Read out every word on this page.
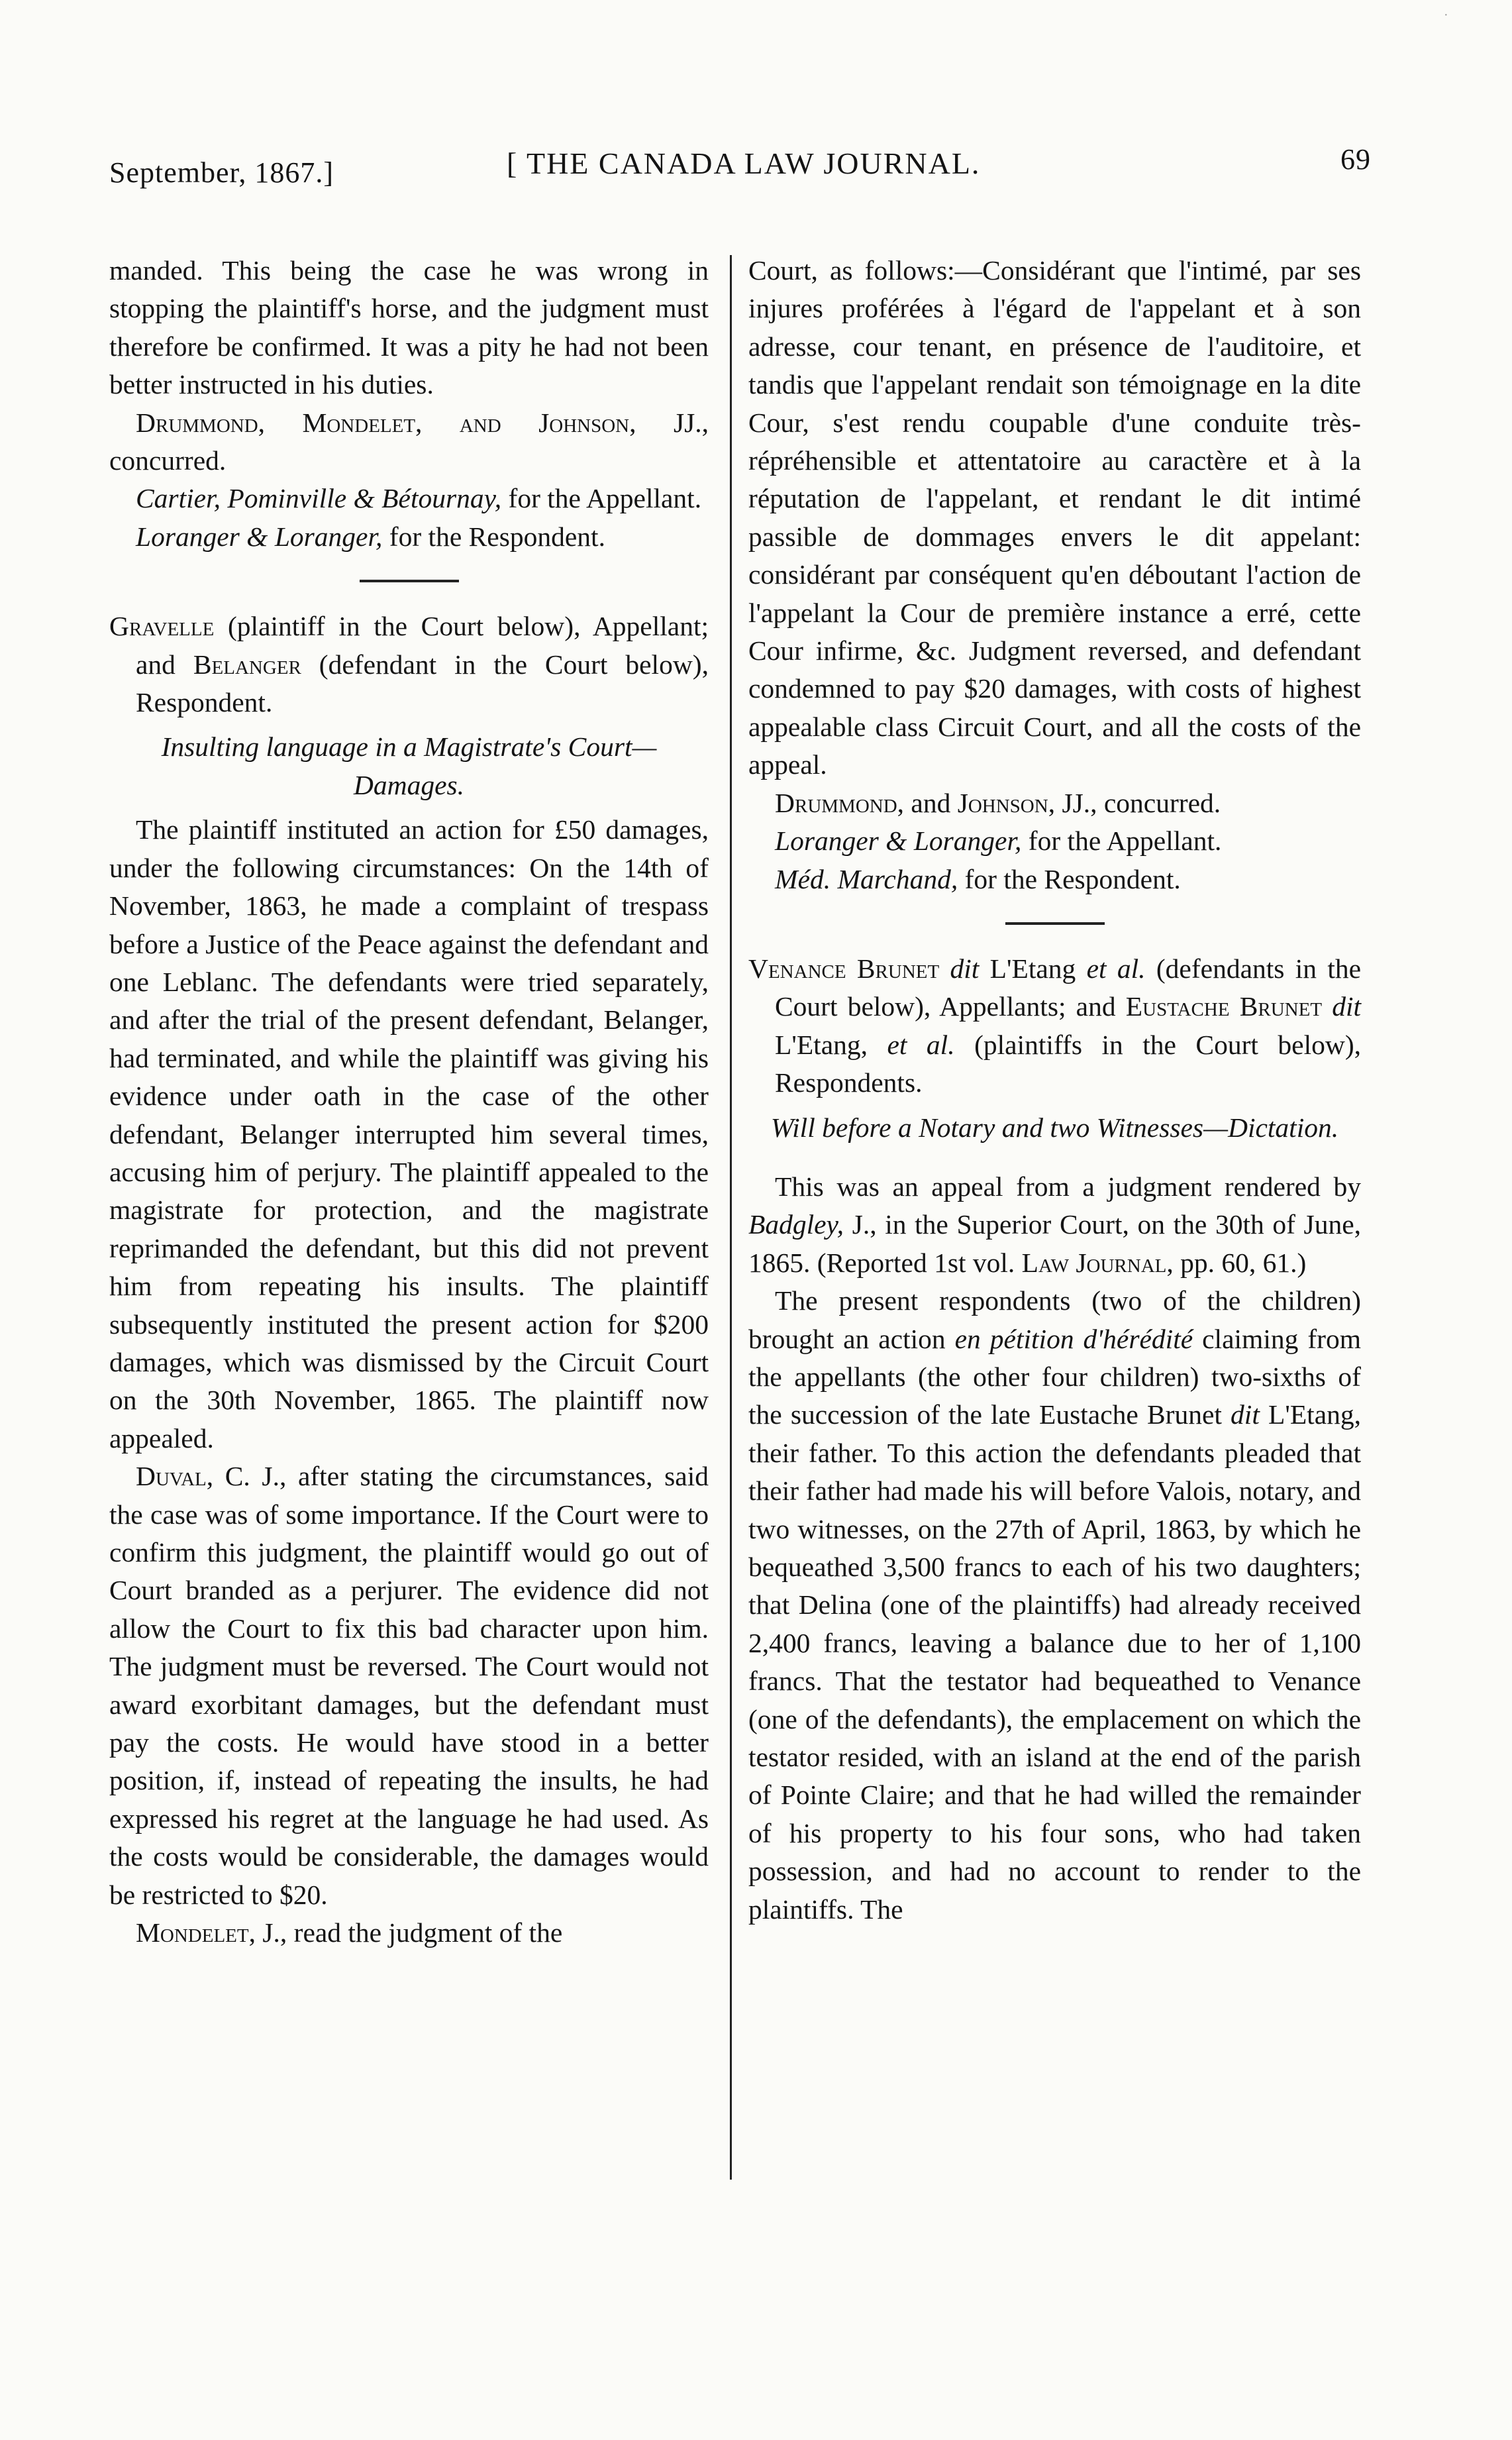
·
September, 1867.]	[ THE CANADA LAW JOURNAL.	69

manded. This being the case he was wrong in stopping the plaintiff's horse, and the judgment must therefore be confirmed. It was a pity he had not been better instructed in his duties.

Drummond, Mondelet, and Johnson, JJ., concurred.

Cartier, Pominville & Bétournay, for the Appellant.

Loranger & Loranger, for the Respondent.

Gravelle (plaintiff in the Court below), Appellant; and Belanger (defendant in the Court below), Respondent.

Insulting language in a Magistrate's Court—Damages.

The plaintiff instituted an action for £50 damages, under the following circumstances: On the 14th of November, 1863, he made a complaint of trespass before a Justice of the Peace against the defendant and one Leblanc. The defendants were tried separately, and after the trial of the present defendant, Belanger, had terminated, and while the plaintiff was giving his evidence under oath in the case of the other defendant, Belanger interrupted him several times, accusing him of perjury. The plaintiff appealed to the magistrate for protection, and the magistrate reprimanded the defendant, but this did not prevent him from repeating his insults. The plaintiff subsequently instituted the present action for $200 damages, which was dismissed by the Circuit Court on the 30th November, 1865. The plaintiff now appealed.

Duval, C. J., after stating the circumstances, said the case was of some importance. If the Court were to confirm this judgment, the plaintiff would go out of Court branded as a perjurer. The evidence did not allow the Court to fix this bad character upon him. The judgment must be reversed. The Court would not award exorbitant damages, but the defendant must pay the costs. He would have stood in a better position, if, instead of repeating the insults, he had expressed his regret at the language he had used. As the costs would be considerable, the damages would be restricted to $20.

Mondelet, J., read the judgment of the

Court, as follows:—Considérant que l'intimé, par ses injures proférées à l'égard de l'appelant et à son adresse, cour tenant, en présence de l'auditoire, et tandis que l'appelant rendait son témoignage en la dite Cour, s'est rendu coupable d'une conduite très-répréhensible et attentatoire au caractère et à la réputation de l'appelant, et rendant le dit intimé passible de dommages envers le dit appelant: considérant par conséquent qu'en déboutant l'action de l'appelant la Cour de première instance a erré, cette Cour infirme, &c. Judgment reversed, and defendant condemned to pay $20 damages, with costs of highest appealable class Circuit Court, and all the costs of the appeal.

Drummond, and Johnson, JJ., concurred.

Loranger & Loranger, for the Appellant.

Méd. Marchand, for the Respondent.

Venance Brunet dit L'Etang et al. (defendants in the Court below), Appellants; and Eustache Brunet dit L'Etang, et al. (plaintiffs in the Court below), Respondents.

Will before a Notary and two Witnesses—Dictation.

This was an appeal from a judgment rendered by Badgley, J., in the Superior Court, on the 30th of June, 1865. (Reported 1st vol. Law Journal, pp. 60, 61.)

The present respondents (two of the children) brought an action en pétition d'hérédité claiming from the appellants (the other four children) two-sixths of the succession of the late Eustache Brunet dit L'Etang, their father. To this action the defendants pleaded that their father had made his will before Valois, notary, and two witnesses, on the 27th of April, 1863, by which he bequeathed 3,500 francs to each of his two daughters; that Delina (one of the plaintiffs) had already received 2,400 francs, leaving a balance due to her of 1,100 francs. That the testator had bequeathed to Venance (one of the defendants), the emplacement on which the testator resided, with an island at the end of the parish of Pointe Claire; and that he had willed the remainder of his property to his four sons, who had taken possession, and had no account to render to the plaintiffs. The
